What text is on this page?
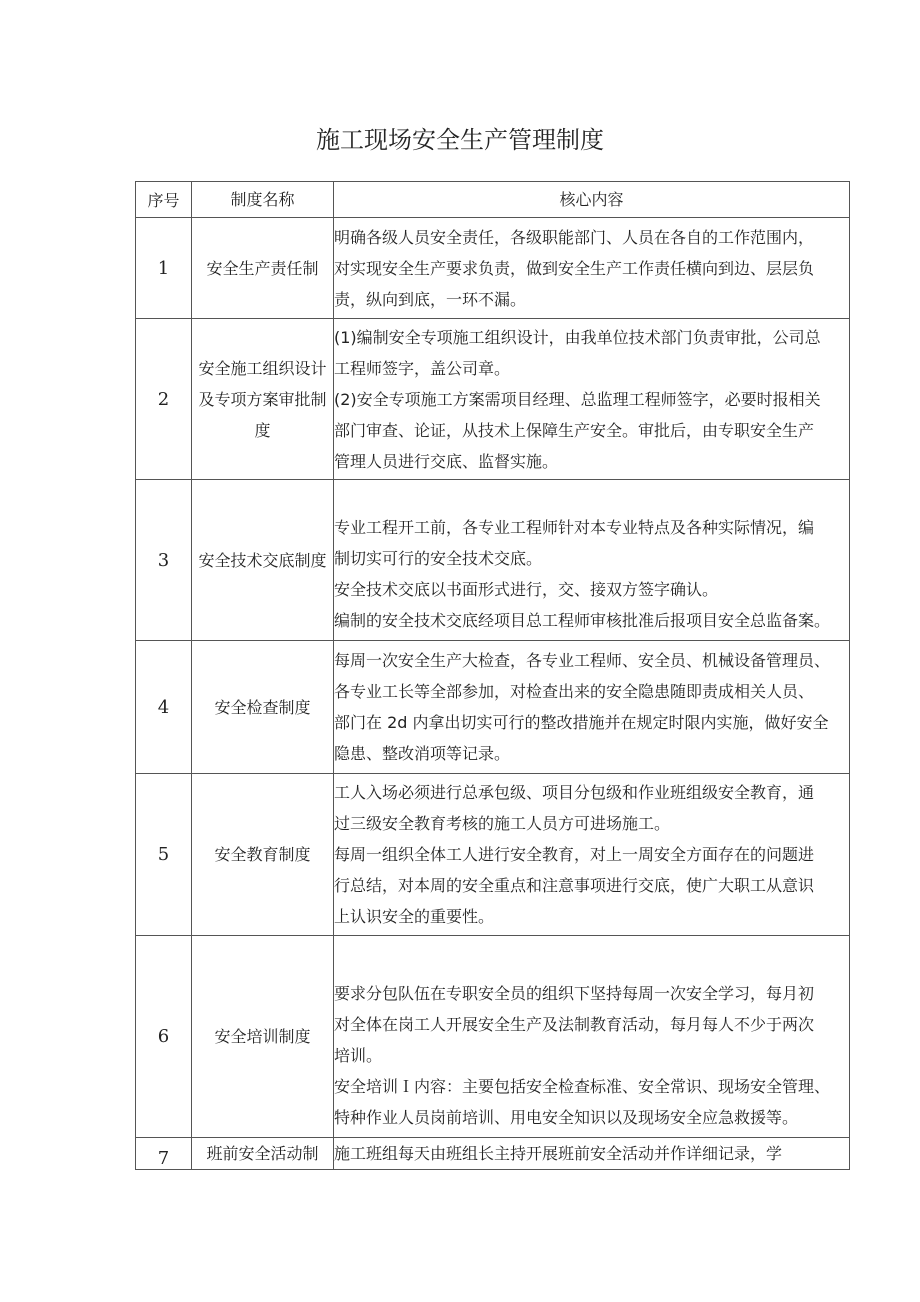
施工现场安全生产管理制度
序号	制度名称	核心内容
1	安全生产责任制	明确各级人员安全责任，各级职能部门、人员在各自的工作范围内，
对实现安全生产要求负责，做到安全生产工作责任横向到边、层层负
责，纵向到底，一环不漏。

2	安全施工组织设计及专项方案审批制度	(1)编制安全专项施工组织设计，由我单位技术部门负责审批，公司总
工程师签字，盖公司章。
(2)安全专项施工方案需项目经理、总监理工程师签字，必要时报相关
部门审查、论证，从技术上保障生产安全。审批后，由专职安全生产
管理人员进行交底、监督实施。

3	安全技术交底制度	专业工程开工前，各专业工程师针对本专业特点及各种实际情况，编
制切实可行的安全技术交底。
安全技术交底以书面形式进行，交、接双方签字确认。
编制的安全技术交底经项目总工程师审核批准后报项目安全总监备案。

4	安全检查制度	每周一次安全生产大检查，各专业工程师、安全员、机械设备管理员、
各专业工长等全部参加，对检查出来的安全隐患随即责成相关人员、
部门在 2d 内拿出切实可行的整改措施并在规定时限内实施，做好安全
隐患、整改消项等记录。

5	安全教育制度	工人入场必须进行总承包级、项目分包级和作业班组级安全教育，通
过三级安全教育考核的施工人员方可进场施工。
每周一组织全体工人进行安全教育，对上一周安全方面存在的问题进
行总结，对本周的安全重点和注意事项进行交底，使广大职工从意识
上认识安全的重要性。

6	安全培训制度	要求分包队伍在专职安全员的组织下坚持每周一次安全学习，每月初
对全体在岗工人开展安全生产及法制教育活动，每月每人不少于两次
培训。
安全培训Ｉ内容：主要包括安全检查标准、安全常识、现场安全管理、
特种作业人员岗前培训、用电安全知识以及现场安全应急救援等。

7	班前安全活动制	施工班组每天由班组长主持开展班前安全活动并作详细记录，学
